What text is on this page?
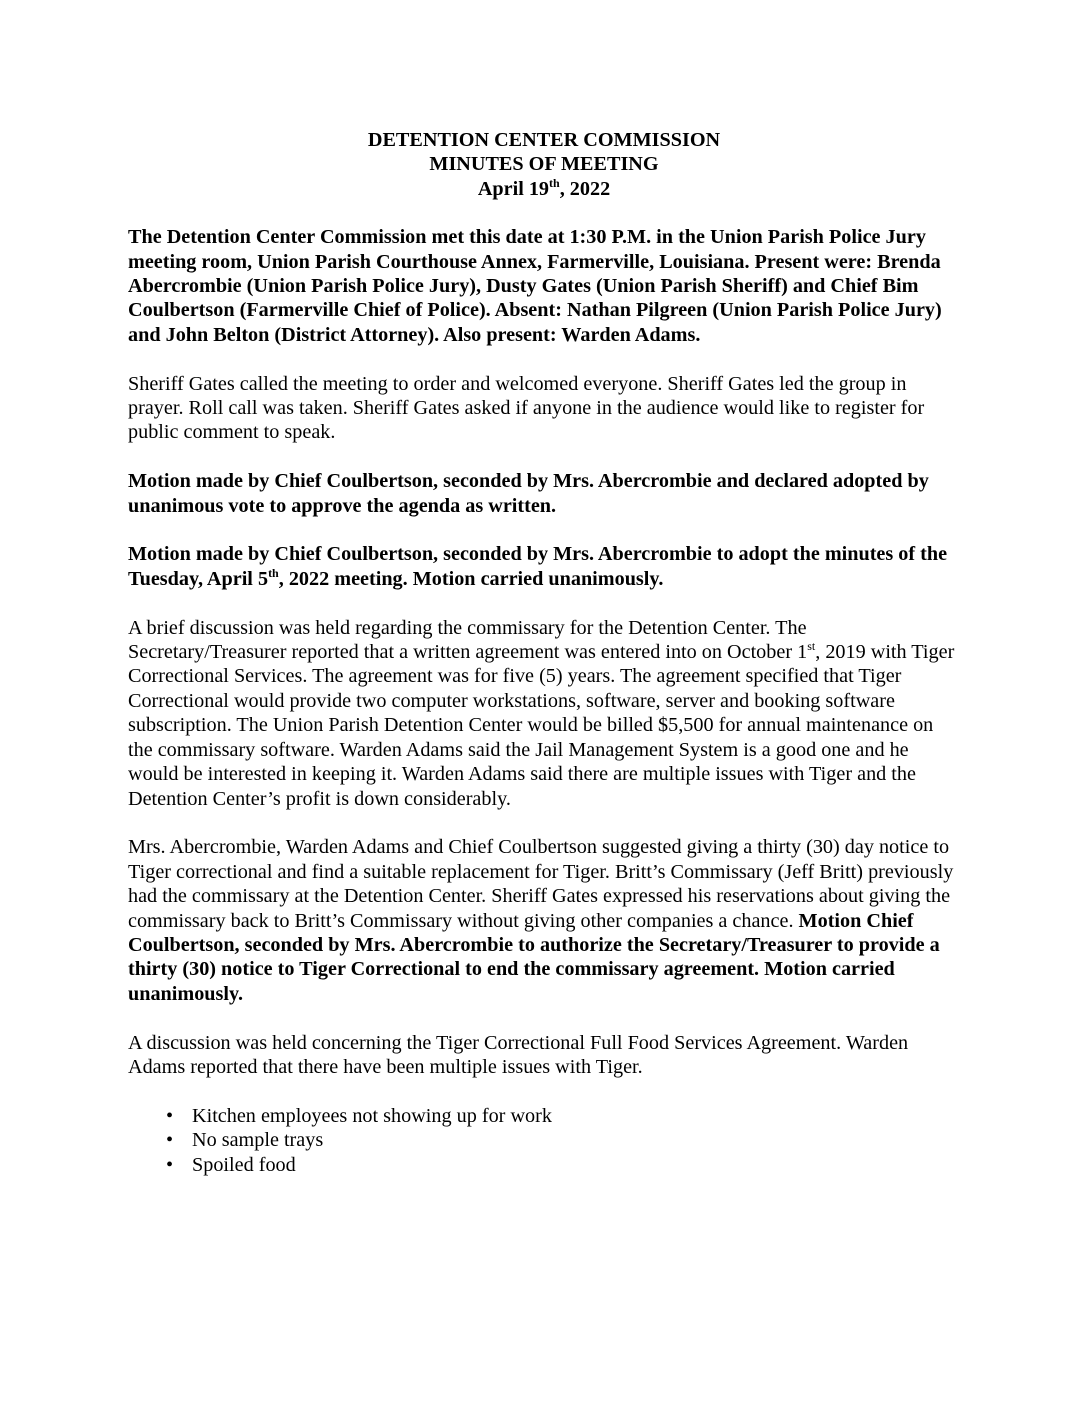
DETENTION CENTER COMMISSION
MINUTES OF MEETING
April 19th, 2022

The Detention Center Commission met this date at 1:30 P.M. in the Union Parish Police Jury meeting room, Union Parish Courthouse Annex, Farmerville, Louisiana. Present were: Brenda Abercrombie (Union Parish Police Jury), Dusty Gates (Union Parish Sheriff) and Chief Bim Coulbertson (Farmerville Chief of Police). Absent: Nathan Pilgreen (Union Parish Police Jury) and John Belton (District Attorney). Also present: Warden Adams.

Sheriff Gates called the meeting to order and welcomed everyone. Sheriff Gates led the group in prayer. Roll call was taken. Sheriff Gates asked if anyone in the audience would like to register for public comment to speak.

Motion made by Chief Coulbertson, seconded by Mrs. Abercrombie and declared adopted by unanimous vote to approve the agenda as written.

Motion made by Chief Coulbertson, seconded by Mrs. Abercrombie to adopt the minutes of the Tuesday, April 5th, 2022 meeting. Motion carried unanimously.

A brief discussion was held regarding the commissary for the Detention Center. The Secretary/Treasurer reported that a written agreement was entered into on October 1st, 2019 with Tiger Correctional Services. The agreement was for five (5) years. The agreement specified that Tiger Correctional would provide two computer workstations, software, server and booking software subscription. The Union Parish Detention Center would be billed $5,500 for annual maintenance on the commissary software. Warden Adams said the Jail Management System is a good one and he would be interested in keeping it. Warden Adams said there are multiple issues with Tiger and the Detention Center’s profit is down considerably.

Mrs. Abercrombie, Warden Adams and Chief Coulbertson suggested giving a thirty (30) day notice to Tiger correctional and find a suitable replacement for Tiger. Britt’s Commissary (Jeff Britt) previously had the commissary at the Detention Center. Sheriff Gates expressed his reservations about giving the commissary back to Britt’s Commissary without giving other companies a chance. Motion Chief Coulbertson, seconded by Mrs. Abercrombie to authorize the Secretary/Treasurer to provide a thirty (30) notice to Tiger Correctional to end the commissary agreement. Motion carried unanimously.

A discussion was held concerning the Tiger Correctional Full Food Services Agreement. Warden Adams reported that there have been multiple issues with Tiger.

• Kitchen employees not showing up for work
• No sample trays
• Spoiled food
